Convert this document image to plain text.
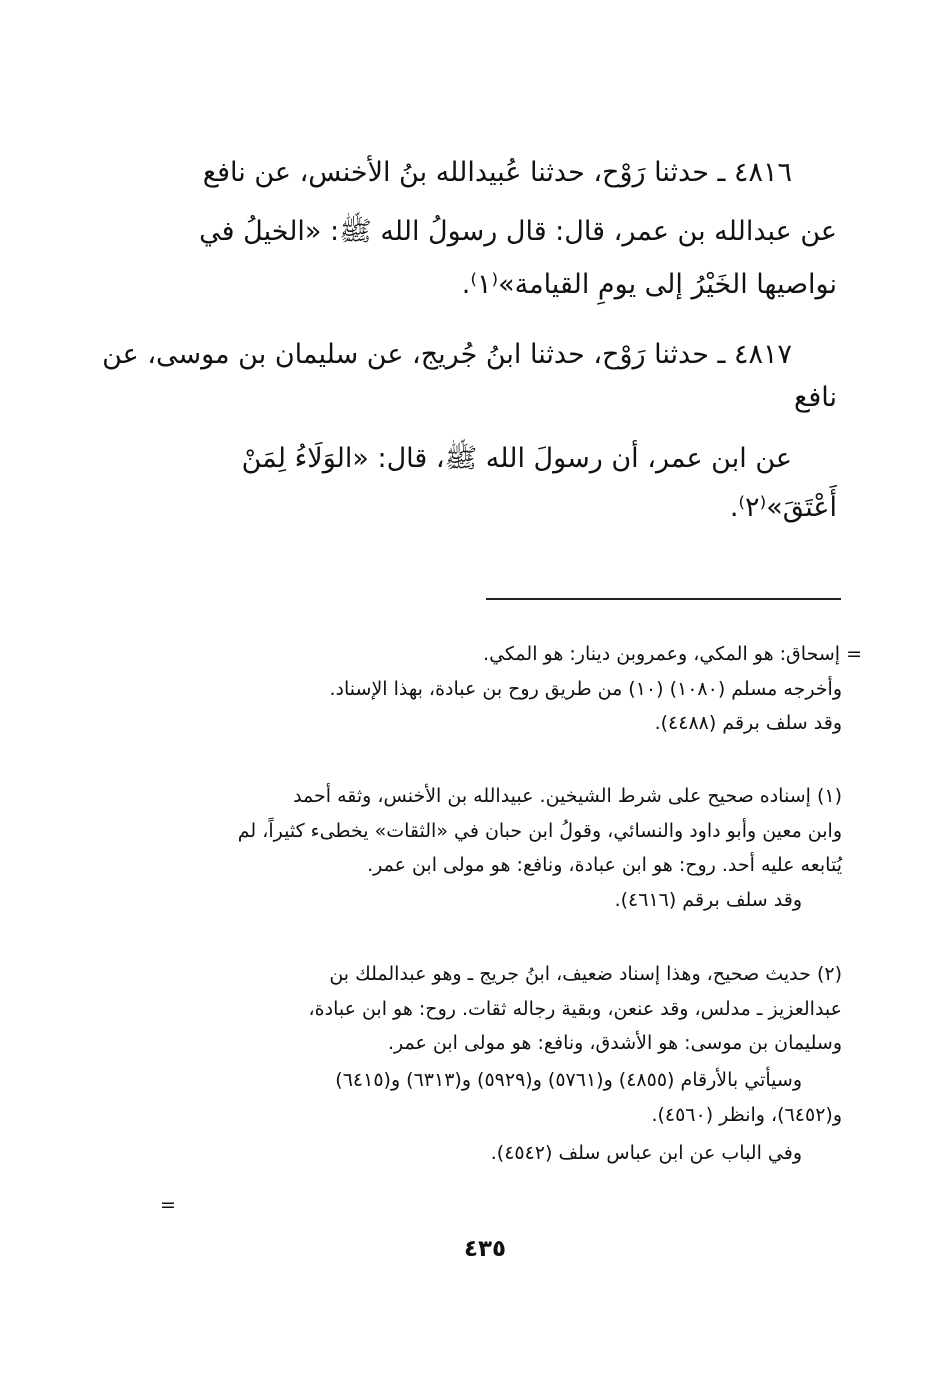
٤٨١٦ ـ حدثنا رَوْح، حدثنا عُبيدالله بنُ الأخنس، عن نافع
عن عبدالله بن عمر، قال: قال رسولُ الله ﷺ: «الخيلُ في
نواصيها الخَيْرُ إلى يومِ القيامة»⁽١⁾.
٤٨١٧ ـ حدثنا رَوْح، حدثنا ابنُ جُريج، عن سليمان بن موسى، عن
نافع
عن ابن عمر، أن رسولَ الله ﷺ، قال: «الوَلَاءُ لِمَنْ
أَعْتَقَ»⁽٢⁾.
= إسحاق: هو المكي، وعمروبن دينار: هو المكي.
وأخرجه مسلم (١٠٨٠) (١٠) من طريق روح بن عبادة، بهذا الإسناد.
وقد سلف برقم (٤٤٨٨).
(١) إسناده صحيح على شرط الشيخين. عبيدالله بن الأخنس، وثقه أحمد
وابن معين وأبو داود والنسائي، وقولُ ابن حبان في «الثقات» يخطىء كثيراً، لم
يُتابعه عليه أحد. روح: هو ابن عبادة، ونافع: هو مولى ابن عمر.
وقد سلف برقم (٤٦١٦).
(٢) حديث صحيح، وهذا إسناد ضعيف، ابنُ جريج ـ وهو عبدالملك بن
عبدالعزيز ـ مدلس، وقد عنعن، وبقية رجاله ثقات. روح: هو ابن عبادة،
وسليمان بن موسى: هو الأشدق، ونافع: هو مولى ابن عمر.
وسيأتي بالأرقام (٤٨٥٥) و(٥٧٦١) و(٥٩٢٩) و(٦٣١٣) و(٦٤١٥)
و(٦٤٥٢)، وانظر (٤٥٦٠).
وفي الباب عن ابن عباس سلف (٤٥٤٢).
=
٤٣٥
